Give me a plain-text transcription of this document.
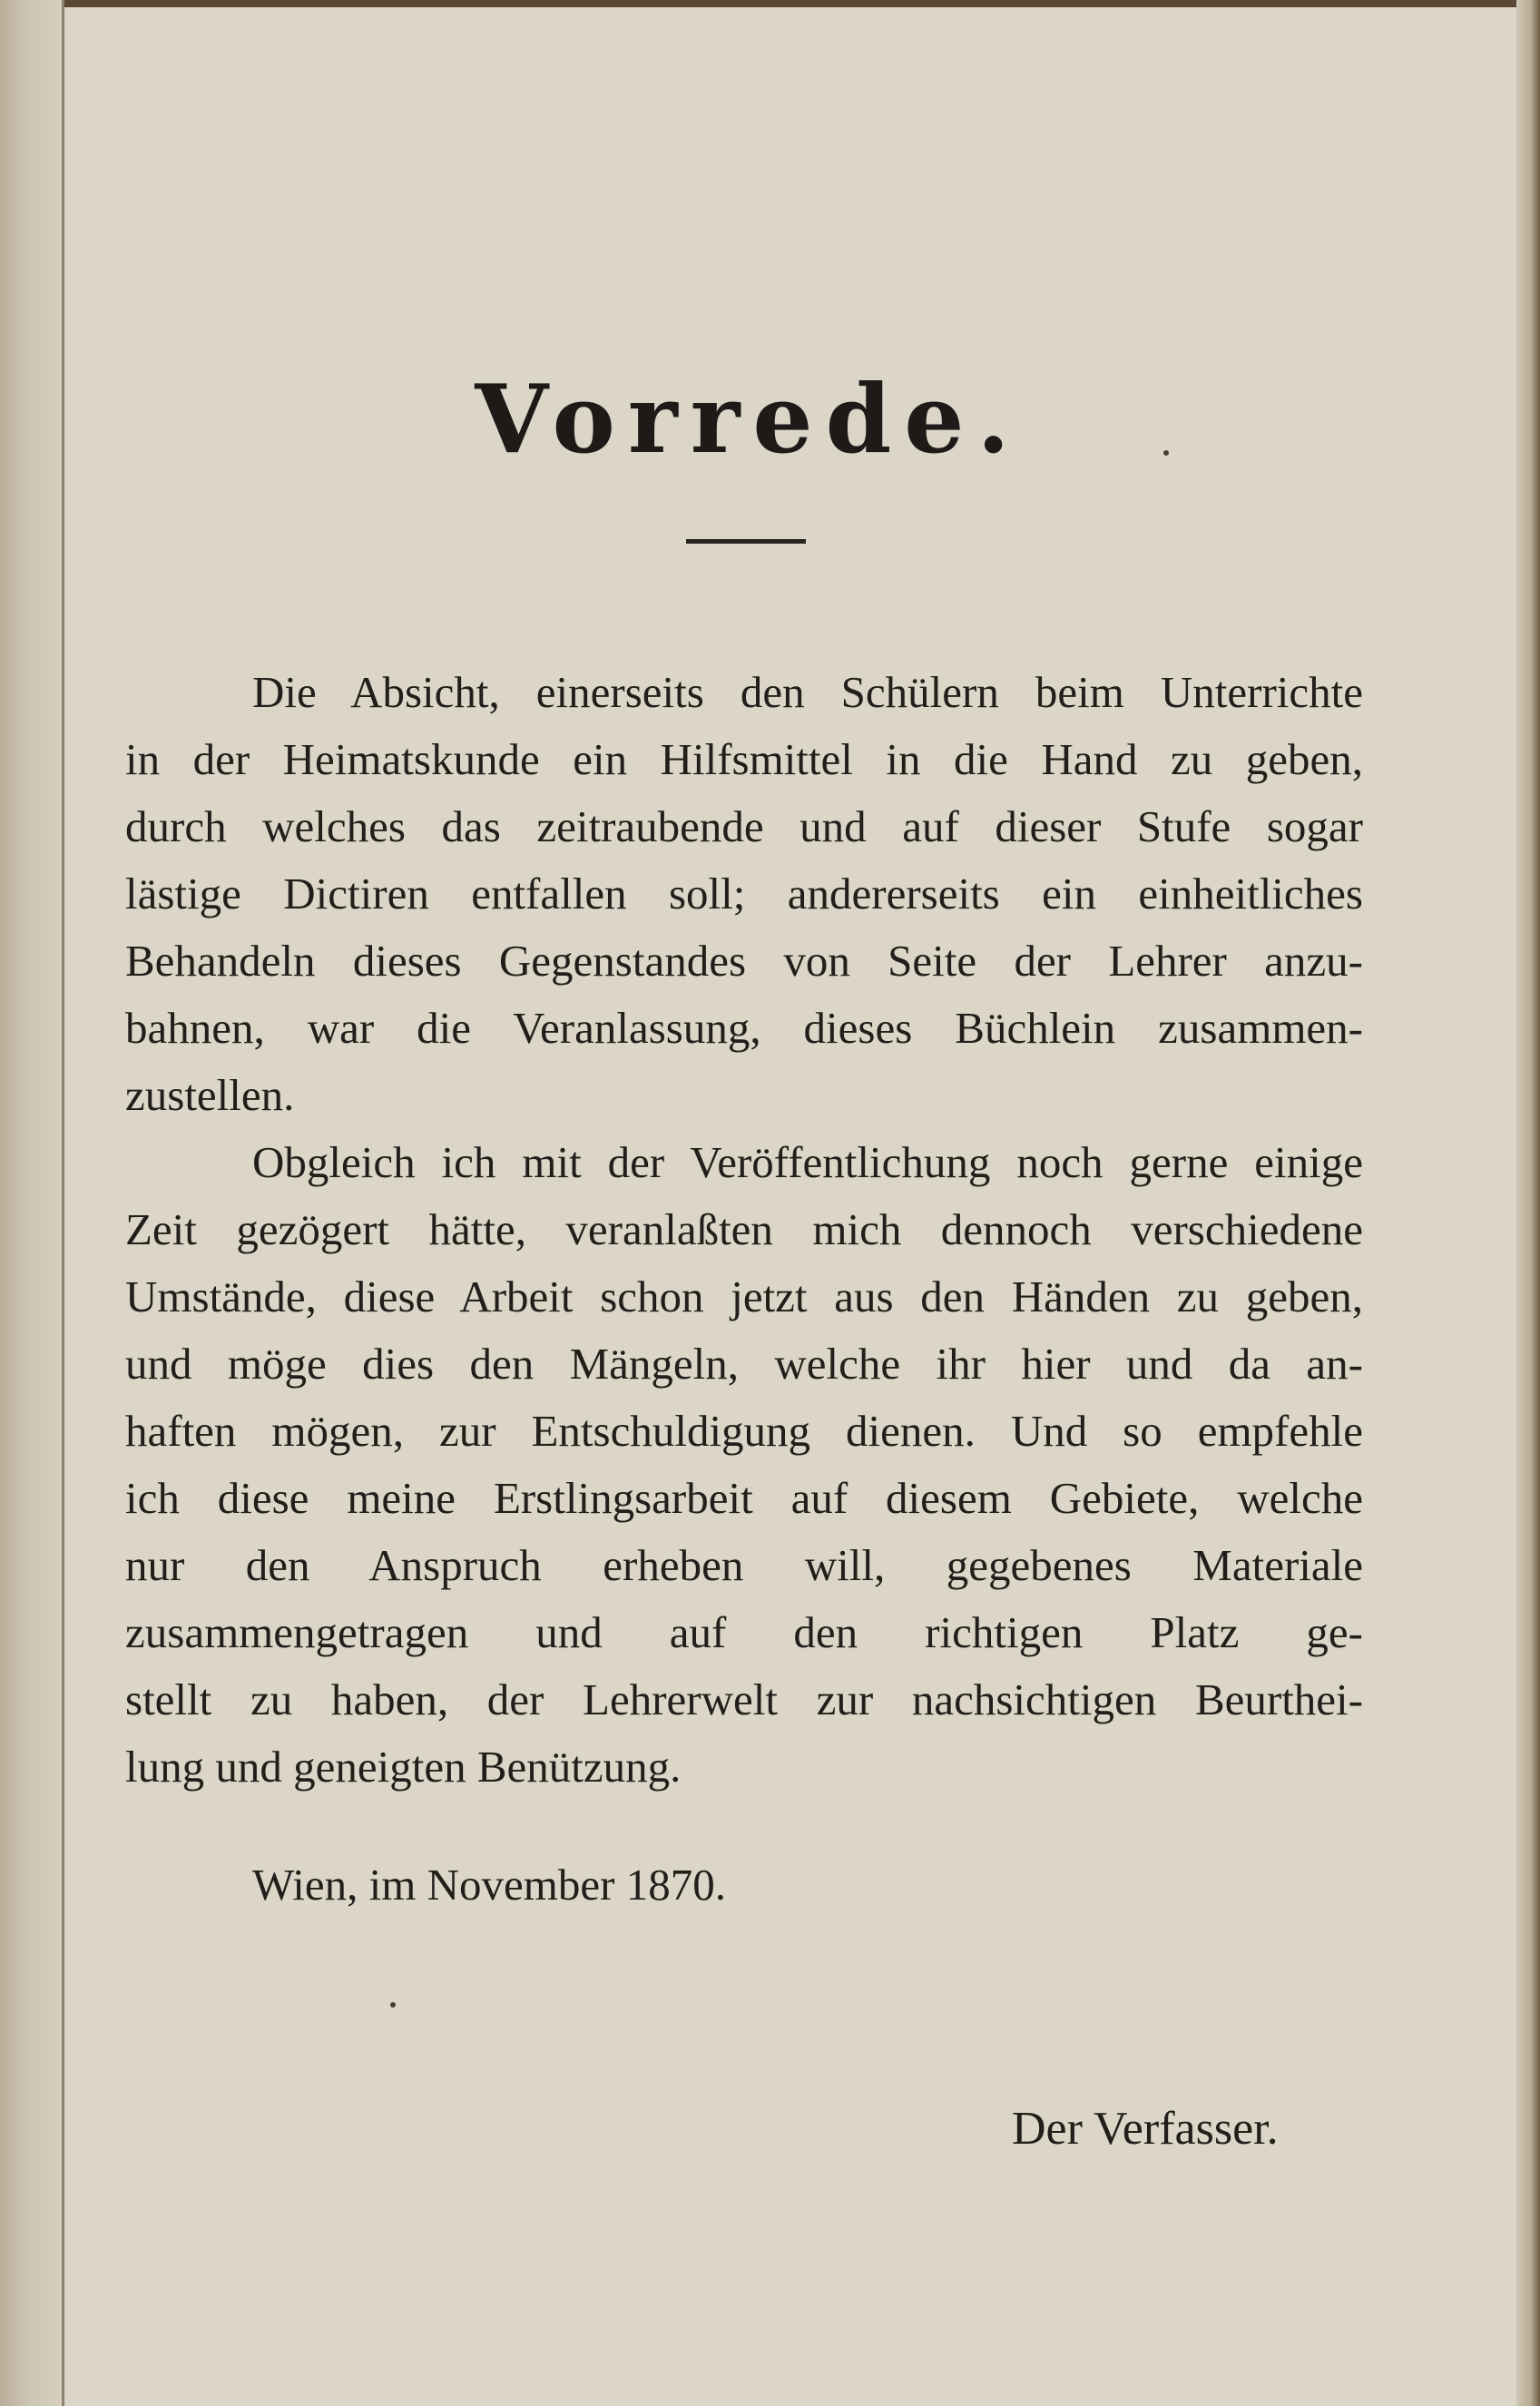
Vorrede.
Die Absicht, einerseits den Schülern beim Unterrichte
in der Heimatskunde ein Hilfsmittel in die Hand zu geben,
durch welches das zeitraubende und auf dieser Stufe sogar
lästige Dictiren entfallen soll; andererseits ein einheitliches
Behandeln dieses Gegenstandes von Seite der Lehrer anzu-
bahnen, war die Veranlassung, dieses Büchlein zusammen-
zustellen.
Obgleich ich mit der Veröffentlichung noch gerne einige
Zeit gezögert hätte, veranlaßten mich dennoch verschiedene
Umstände, diese Arbeit schon jetzt aus den Händen zu geben,
und möge dies den Mängeln, welche ihr hier und da an-
haften mögen, zur Entschuldigung dienen. Und so empfehle
ich diese meine Erstlingsarbeit auf diesem Gebiete, welche
nur den Anspruch erheben will, gegebenes Materiale
zusammengetragen und auf den richtigen Platz ge-
stellt zu haben, der Lehrerwelt zur nachsichtigen Beurthei-
lung und geneigten Benützung.
Wien, im November 1870.
Der Verfasser.
